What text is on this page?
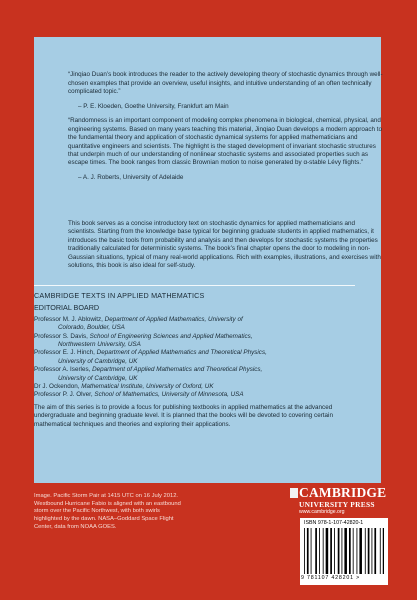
“Jinqiao Duan’s book introduces the reader to the actively developing theory of stochastic dynamics through well-chosen examples that provide an overview, useful insights, and intuitive understanding of an often technically complicated topic.”

– P. E. Kloeden, Goethe University, Frankfurt am Main

“Randomness is an important component of modeling complex phenomena in biological, chemical, physical, and engineering systems. Based on many years teaching this material, Jinqiao Duan develops a modern approach to the fundamental theory and application of stochastic dynamical systems for applied mathematicians and quantitative engineers and scientists. The highlight is the staged development of invariant stochastic structures that underpin much of our understanding of nonlinear stochastic systems and associated properties such as escape times. The book ranges from classic Brownian motion to noise generated by α-stable Lévy flights.”

– A. J. Roberts, University of Adelaide

This book serves as a concise introductory text on stochastic dynamics for applied mathematicians and scientists. Starting from the knowledge base typical for beginning graduate students in applied mathematics, it introduces the basic tools from probability and analysis and then develops for stochastic systems the properties traditionally calculated for deterministic systems. The book’s final chapter opens the door to modeling in non-Gaussian situations, typical of many real-world applications. Rich with examples, illustrations, and exercises with solutions, this book is also ideal for self-study.

CAMBRIDGE TEXTS IN APPLIED MATHEMATICS
EDITORIAL BOARD
Professor M. J. Ablowitz, Department of Applied Mathematics, University of
Colorado, Boulder, USA
Professor S. Davis, School of Engineering Sciences and Applied Mathematics,
Northwestern University, USA
Professor E. J. Hinch, Department of Applied Mathematics and Theoretical Physics,
University of Cambridge, UK
Professor A. Iserles, Department of Applied Mathematics and Theoretical Physics,
University of Cambridge, UK
Dr J. Ockendon, Mathematical Institute, University of Oxford, UK
Professor P. J. Olver, School of Mathematics, University of Minnesota, USA
The aim of this series is to provide a focus for publishing textbooks in applied mathematics at the advanced undergraduate and beginning graduate level. It is planned that the books will be devoted to covering certain mathematical techniques and theories and exploring their applications.
Image. Pacific Storm Pair at 1415 UTC on 16 July 2012. Westbound Hurricane Fabio is aligned with an eastbound storm over the Pacific Northwest, with both swirls highlighted by the dawn. NASA–Goddard Space Flight Center, data from NOAA GOES.
CAMBRIDGE
UNIVERSITY PRESS
www.cambridge.org
ISBN 978-1-107-42820-1
9 781107 428201 >
